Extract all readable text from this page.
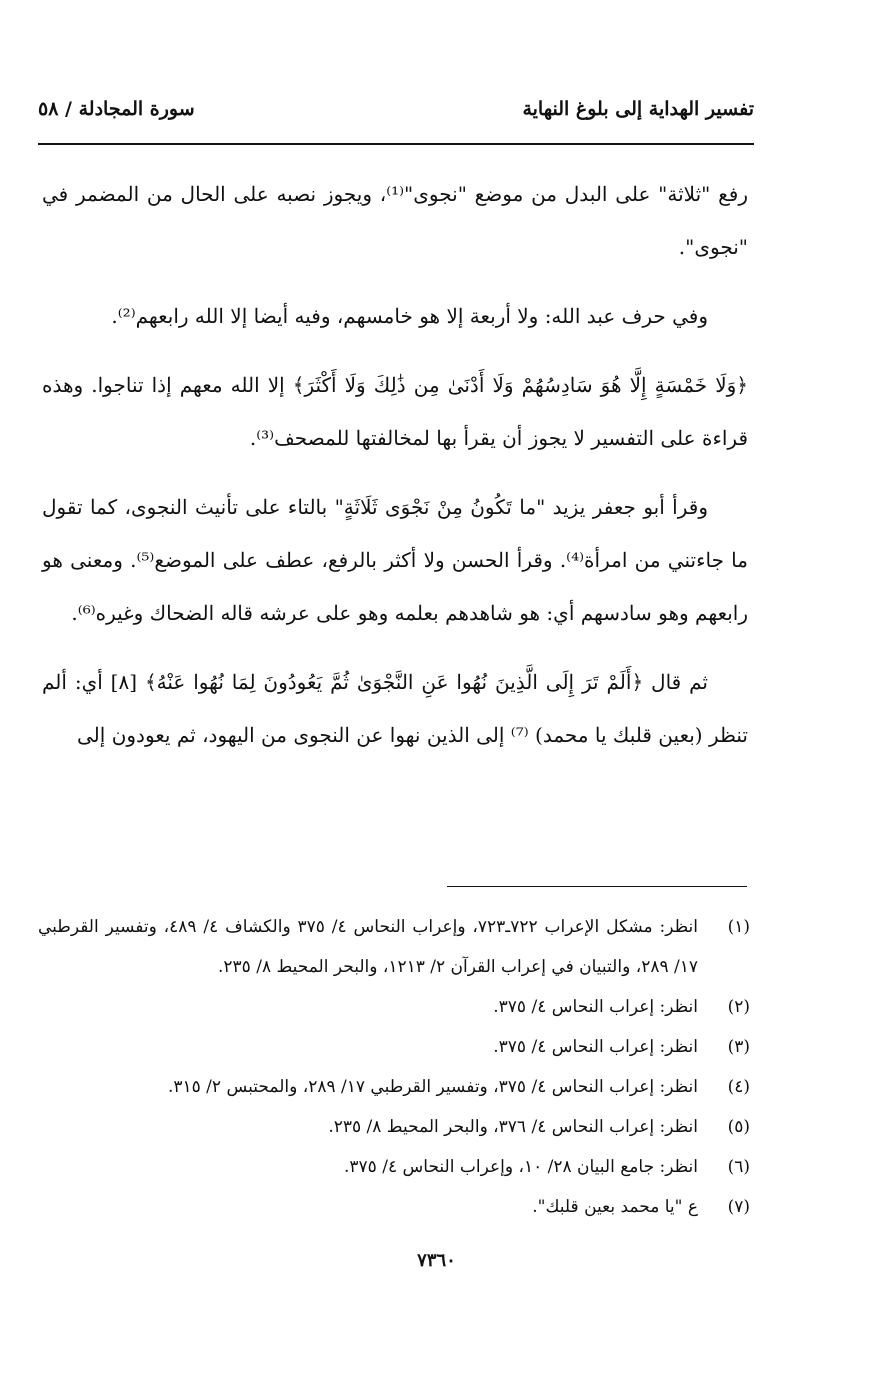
تفسير الهداية إلى بلوغ النهاية
سورة المجادلة / ٥٨

رفع "ثلاثة" على البدل من موضع "نجوى"⁽¹⁾، ويجوز نصبه على الحال من المضمر في "نجوى".

وفي حرف عبد الله: ولا أربعة إلا هو خامسهم، وفيه أيضا إلا الله رابعهم⁽²⁾.

﴿وَلَا خَمْسَةٍ إِلَّا هُوَ سَادِسُهُمْ وَلَا أَدْنَىٰ مِن ذَٰلِكَ وَلَا أَكْثَرَ﴾ إلا الله معهم إذا تناجوا. وهذه قراءة على التفسير لا يجوز أن يقرأ بها لمخالفتها للمصحف⁽³⁾.

وقرأ أبو جعفر يزيد "ما تَكُونُ مِنْ نَجْوَى ثَلَاثَةٍ" بالتاء على تأنيث النجوى، كما تقول ما جاءتني من امرأة⁽⁴⁾. وقرأ الحسن ولا أكثر بالرفع، عطف على الموضع⁽⁵⁾. ومعنى هو رابعهم وهو سادسهم أي: هو شاهدهم بعلمه وهو على عرشه قاله الضحاك وغيره⁽⁶⁾.

ثم قال ﴿أَلَمْ تَرَ إِلَى الَّذِينَ نُهُوا عَنِ النَّجْوَىٰ ثُمَّ يَعُودُونَ لِمَا نُهُوا عَنْهُ﴾ [٨] أي: ألم تنظر (بعين قلبك يا محمد) ⁽⁷⁾ إلى الذين نهوا عن النجوى من اليهود، ثم يعودون إلى

(١)
انظر: مشكل الإعراب ٧٢٢ـ٧٢٣، وإعراب النحاس ٤/ ٣٧٥ والكشاف ٤/ ٤٨٩، وتفسير القرطبي ١٧/ ٢٨٩، والتبيان في إعراب القرآن ٢/ ١٢١٣، والبحر المحيط ٨/ ٢٣٥.
(٢)
انظر: إعراب النحاس ٤/ ٣٧٥.
(٣)
انظر: إعراب النحاس ٤/ ٣٧٥.
(٤)
انظر: إعراب النحاس ٤/ ٣٧٥، وتفسير القرطبي ١٧/ ٢٨٩، والمحتبس ٢/ ٣١٥.
(٥)
انظر: إعراب النحاس ٤/ ٣٧٦، والبحر المحيط ٨/ ٢٣٥.
(٦)
انظر: جامع البيان ٢٨/ ١٠، وإعراب النحاس ٤/ ٣٧٥.
(٧)
ع "يا محمد بعين قلبك".
٧٣٦٠
